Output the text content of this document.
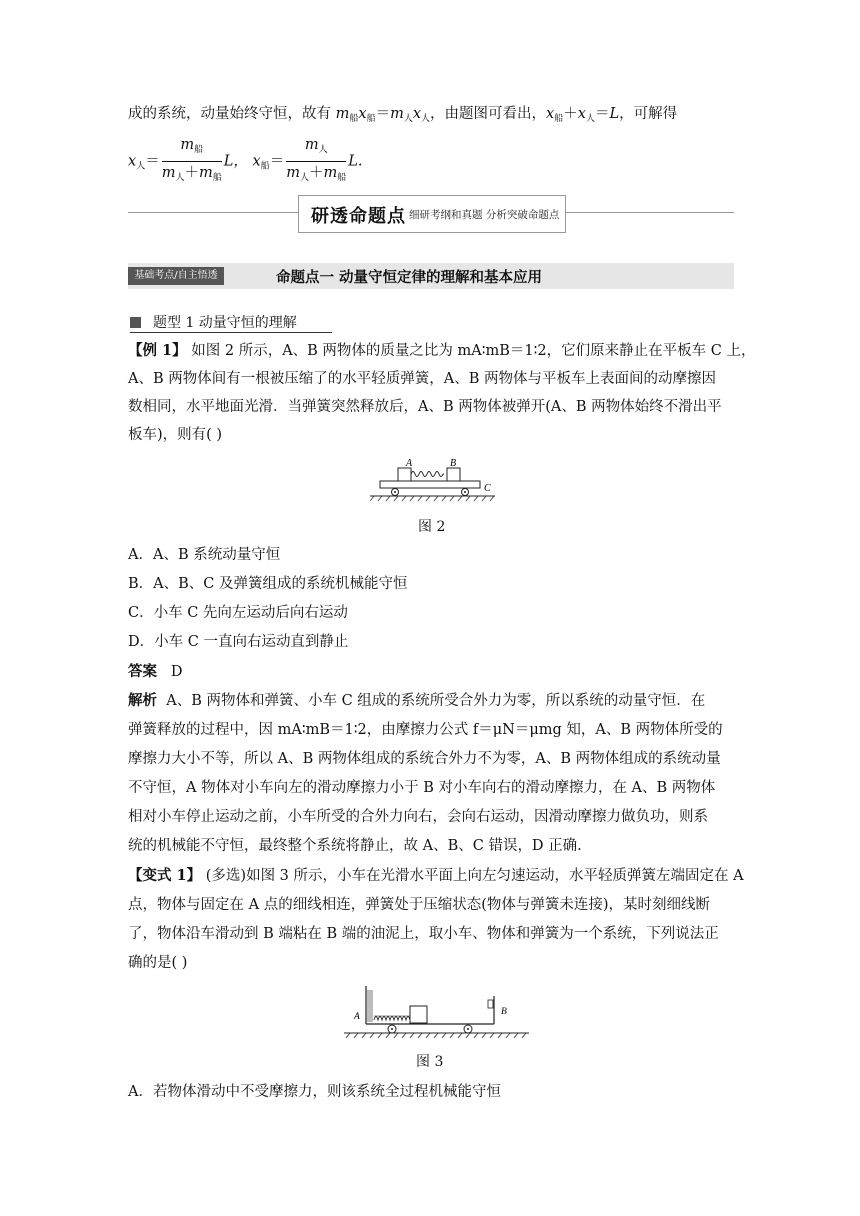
成的系统，动量始终守恒，故有 $m_船x_船=m_人x_人$，由题图可看出，$x_船+x_人=L$，可解得
$x_人= \frac{m_船}{m_人+m_船}$ L， $x_船= \frac{m_人}{m_人+m_船} L$.
研透命题点 细研考纲和真题 分析突破命题点
基础考点/自主悟透	命题点一 动量守恒定律的理解和基本应用
题型 1 动量守恒的理解
【例 1】 如图 2 所示，A、B 两物体的质量之比为 mA∶mB＝1∶2，它们原来静止在平板车 C 上，
A、B 两物体间有一根被压缩了的水平轻质弹簧，A、B 两物体与平板车上表面间的动摩擦因
数相同，水平地面光滑．当弹簧突然释放后，A、B 两物体被弹开(A、B 两物体始终不滑出平
板车)，则有( )
A	B
C
图 2
A．A、B 系统动量守恒
B．A、B、C 及弹簧组成的系统机械能守恒
C．小车 C 先向左运动后向右运动
D．小车 C 一直向右运动直到静止
答案 D
解析 A、B 两物体和弹簧、小车 C 组成的系统所受合外力为零，所以系统的动量守恒．在
弹簧释放的过程中，因 mA∶mB＝1∶2，由摩擦力公式 f＝μN＝μmg 知，A、B 两物体所受的
摩擦力大小不等，所以 A、B 两物体组成的系统合外力不为零，A、B 两物体组成的系统动量
不守恒，A 物体对小车向左的滑动摩擦力小于 B 对小车向右的滑动摩擦力，在 A、B 两物体
相对小车停止运动之前，小车所受的合外力向右，会向右运动，因滑动摩擦力做负功，则系
统的机械能不守恒，最终整个系统将静止，故 A、B、C 错误，D 正确.
【变式 1】 (多选)如图 3 所示，小车在光滑水平面上向左匀速运动，水平轻质弹簧左端固定在 A
点，物体与固定在 A 点的细线相连，弹簧处于压缩状态(物体与弹簧未连接)，某时刻细线断
了，物体沿车滑动到 B 端粘在 B 端的油泥上，取小车、物体和弹簧为一个系统，下列说法正
确的是( )
A	B
图 3
A．若物体滑动中不受摩擦力，则该系统全过程机械能守恒
